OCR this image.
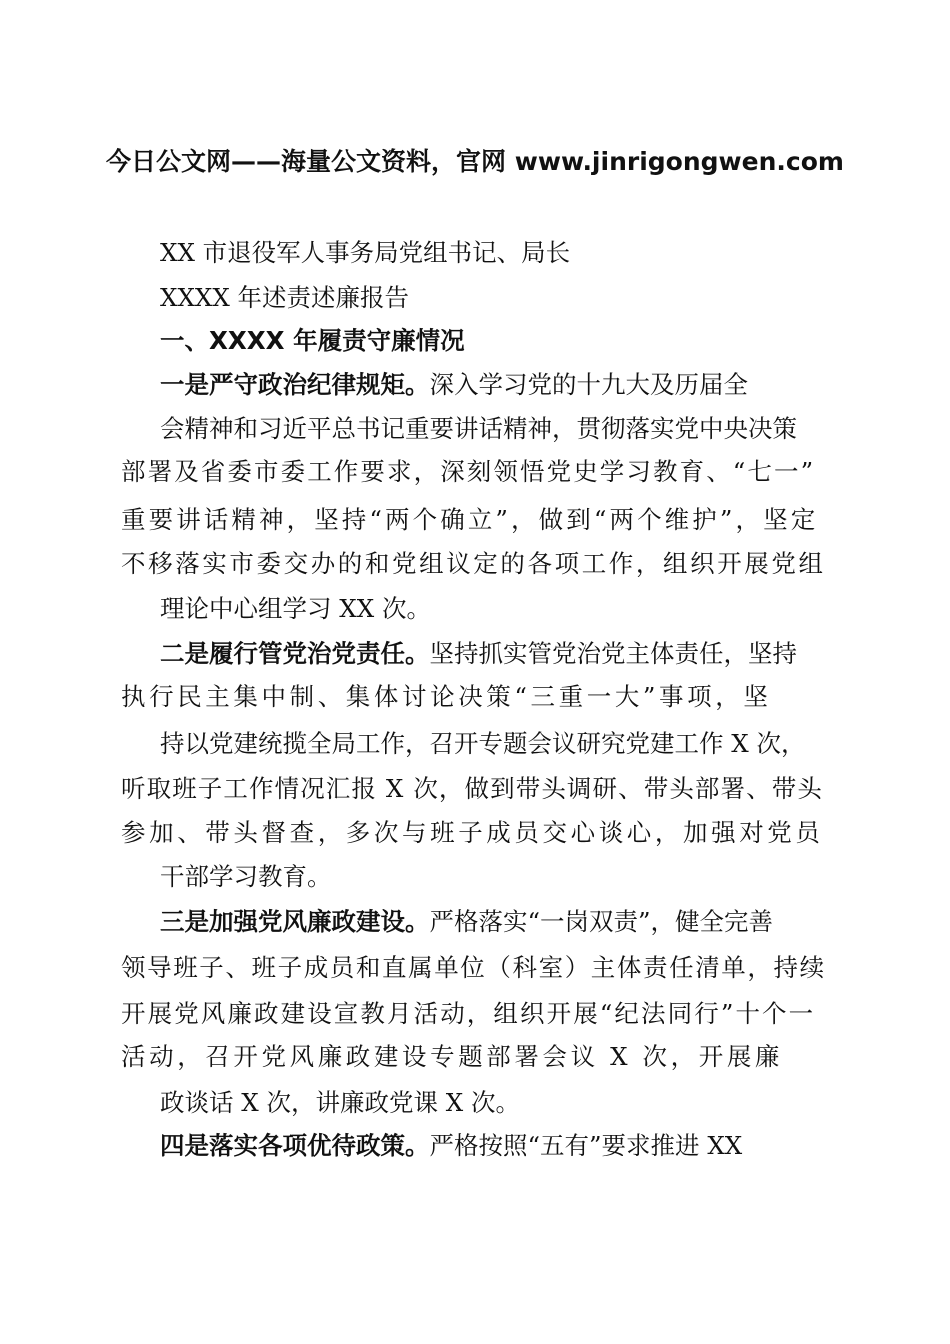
今日公文网——海量公文资料，官网 www.jinrigongwen.com
XX 市退役军人事务局党组书记、局长
XXXX 年述责述廉报告
一、XXXX 年履责守廉情况
一是严守政治纪律规矩。深入学习党的十九大及历届全
会精神和习近平总书记重要讲话精神，贯彻落实党中央决策
部署及省委市委工作要求，深刻领悟党史学习教育、“七一”
重要讲话精神，坚持“两个确立”，做到“两个维护”，坚定
不移落实市委交办的和党组议定的各项工作，组织开展党组
理论中心组学习 XX 次。
二是履行管党治党责任。坚持抓实管党治党主体责任，坚持
执行民主集中制、集体讨论决策“三重一大”事项，坚
持以党建统揽全局工作，召开专题会议研究党建工作 X 次，
听取班子工作情况汇报 X 次，做到带头调研、带头部署、带头
参加、带头督查，多次与班子成员交心谈心，加强对党员
干部学习教育。
三是加强党风廉政建设。严格落实“一岗双责”，健全完善
领导班子、班子成员和直属单位（科室）主体责任清单，持续
开展党风廉政建设宣教月活动，组织开展“纪法同行”十个一
活动，召开党风廉政建设专题部署会议 X 次，开展廉
政谈话 X 次，讲廉政党课 X 次。
四是落实各项优待政策。严格按照“五有”要求推进 XX
